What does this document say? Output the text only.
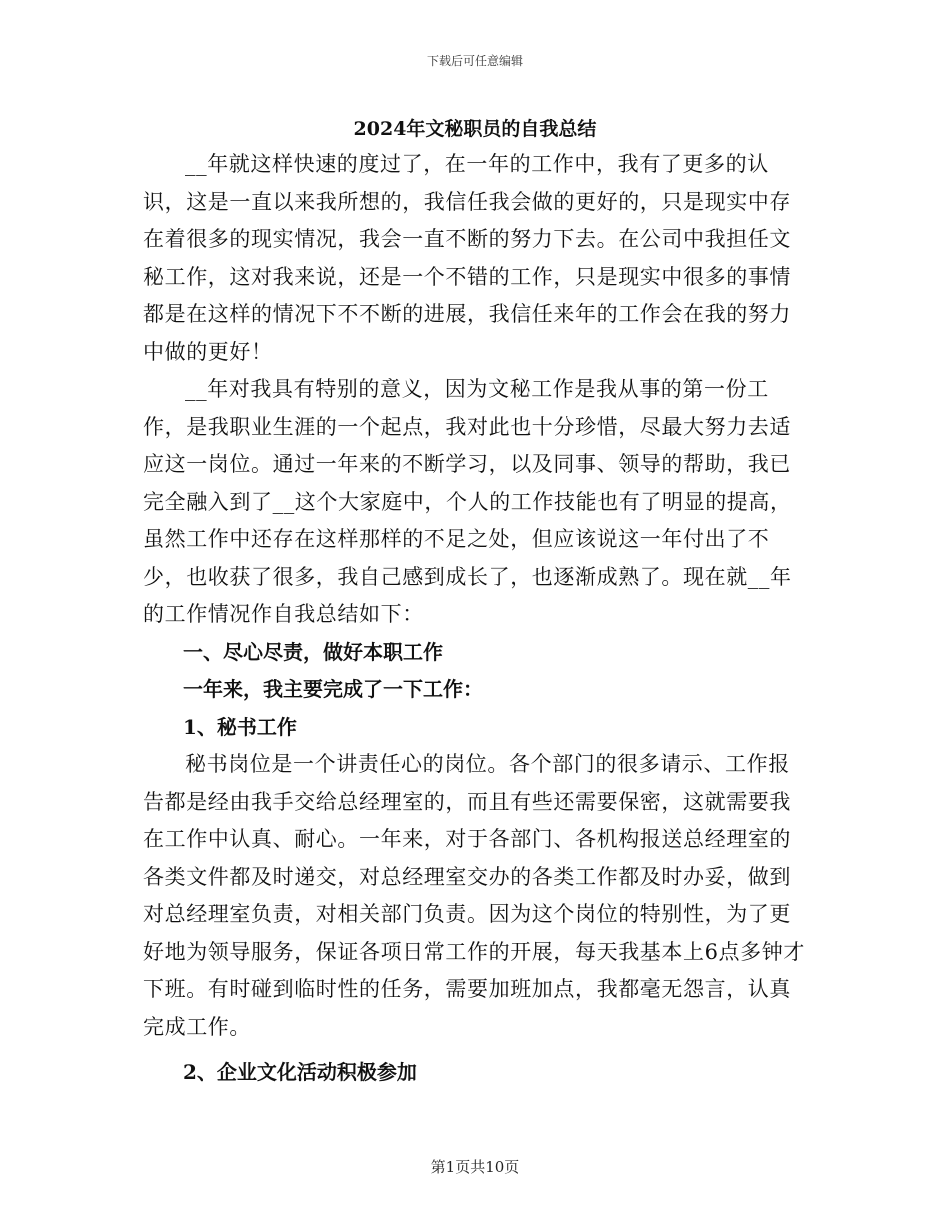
下载后可任意编辑
2024年文秘职员的自我总结

__年就这样快速的度过了，在一年的工作中，我有了更多的认识，这是一直以来我所想的，我信任我会做的更好的，只是现实中存在着很多的现实情况，我会一直不断的努力下去。在公司中我担任文秘工作，这对我来说，还是一个不错的工作，只是现实中很多的事情都是在这样的情况下不不断的进展，我信任来年的工作会在我的努力中做的更好！

__年对我具有特别的意义，因为文秘工作是我从事的第一份工作，是我职业生涯的一个起点，我对此也十分珍惜，尽最大努力去适应这一岗位。通过一年来的不断学习，以及同事、领导的帮助，我已完全融入到了__这个大家庭中，个人的工作技能也有了明显的提高，虽然工作中还存在这样那样的不足之处，但应该说这一年付出了不少，也收获了很多，我自己感到成长了，也逐渐成熟了。现在就__年的工作情况作自我总结如下：

一、尽心尽责，做好本职工作

一年来，我主要完成了一下工作：

1、秘书工作

秘书岗位是一个讲责任心的岗位。各个部门的很多请示、工作报告都是经由我手交给总经理室的，而且有些还需要保密，这就需要我在工作中认真、耐心。一年来，对于各部门、各机构报送总经理室的各类文件都及时递交，对总经理室交办的各类工作都及时办妥，做到对总经理室负责，对相关部门负责。因为这个岗位的特别性，为了更好地为领导服务，保证各项日常工作的开展，每天我基本上6点多钟才下班。有时碰到临时性的任务，需要加班加点，我都毫无怨言，认真完成工作。

2、企业文化活动积极参加

第1页共10页
